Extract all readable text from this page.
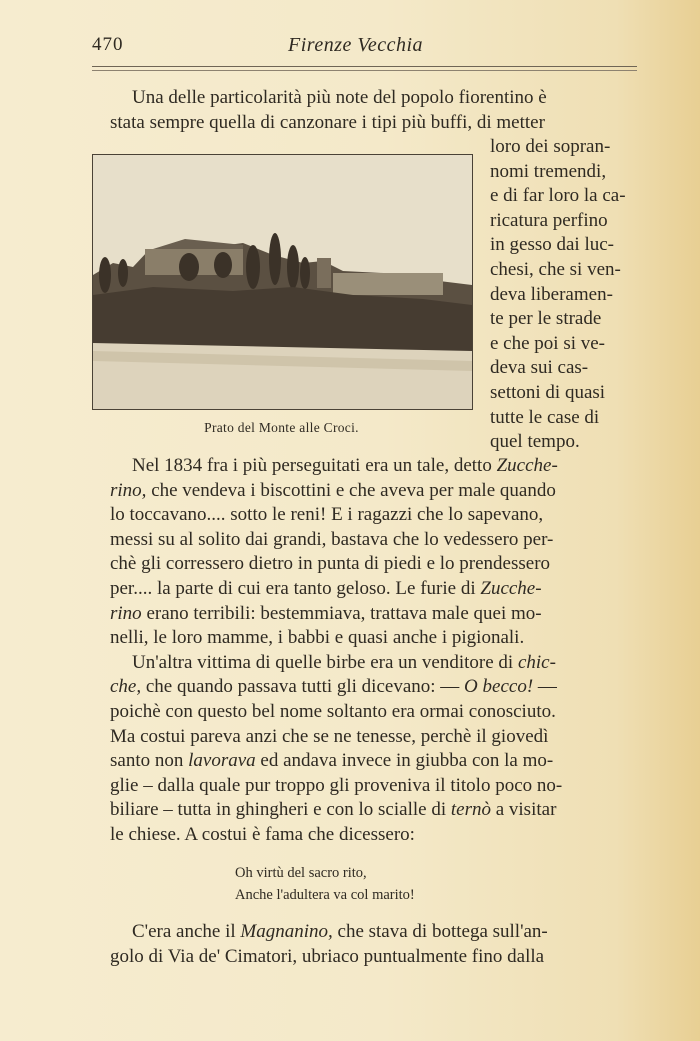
470	Firenze Vecchia
Una delle particolarità più note del popolo fiorentino è
stata sempre quella di canzonare i tipi più buffi, di metter
loro dei sopran-
nomi tremendi,
e di far loro la ca-
ricatura perfino
in gesso dai luc-
chesi, che si ven-
deva liberamen-
te per le strade
e che poi si ve-
deva sui cas-
settoni di quasi
tutte le case di
quel tempo.
Prato del Monte alle Croci.
Nel 1834 fra i più perseguitati era un tale, detto Zucche-
rino, che vendeva i biscottini e che aveva per male quando
lo toccavano.... sotto le reni! E i ragazzi che lo sapevano,
messi su al solito dai grandi, bastava che lo vedessero per-
chè gli corressero dietro in punta di piedi e lo prendessero
per.... la parte di cui era tanto geloso. Le furie di Zucche-
rino erano terribili: bestemmiava, trattava male quei mo-
nelli, le loro mamme, i babbi e quasi anche i pigionali.
Un'altra vittima di quelle birbe era un venditore di chic-
che, che quando passava tutti gli dicevano: — O becco! —
poichè con questo bel nome soltanto era ormai conosciuto.
Ma costui pareva anzi che se ne tenesse, perchè il giovedì
santo non lavorava ed andava invece in giubba con la mo-
glie – dalla quale pur troppo gli proveniva il titolo poco no-
biliare – tutta in ghingheri e con lo scialle di ternò a visitar
le chiese. A costui è fama che dicessero:
Oh virtù del sacro rito,
Anche l'adultera va col marito!
C'era anche il Magnanino, che stava di bottega sull'an-
golo di Via de' Cimatori, ubriaco puntualmente fino dalla
